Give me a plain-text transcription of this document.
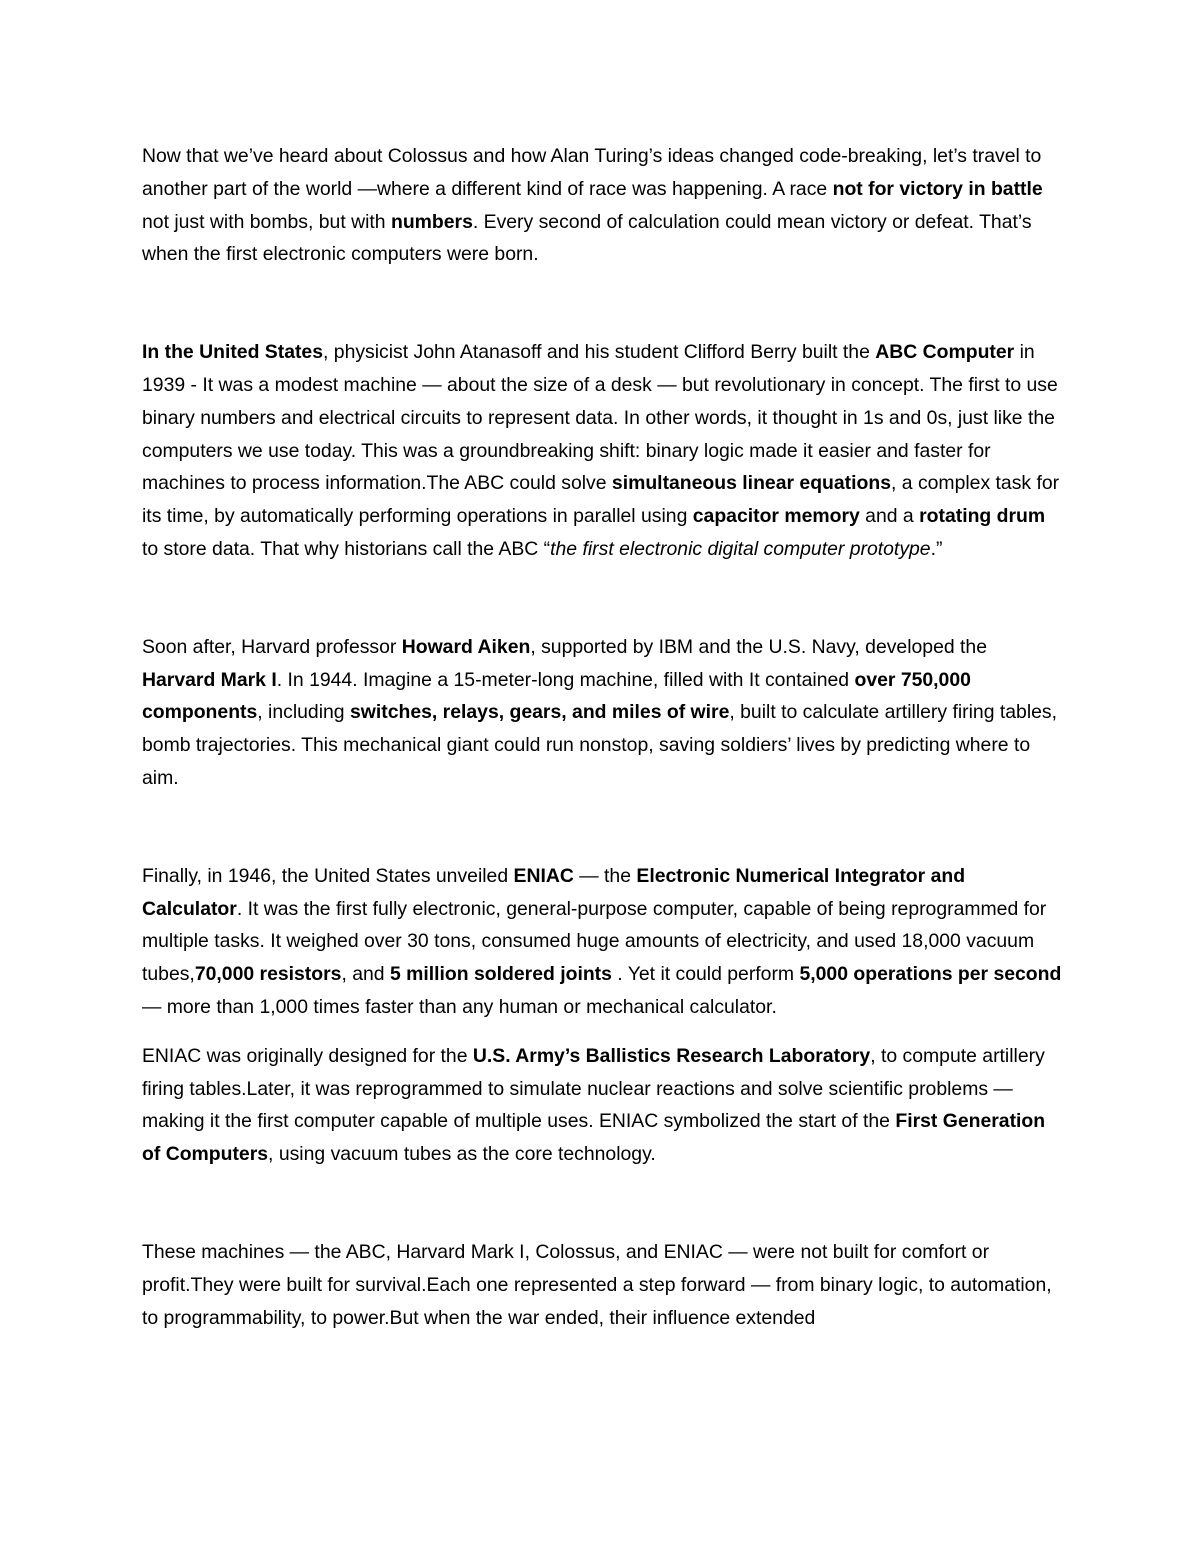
Now that we’ve heard about Colossus and how Alan Turing’s ideas changed code-breaking, let’s travel to another part of the world —where a different kind of race was happening. A race not for victory in battle not just with bombs, but with numbers. Every second of calculation could mean victory or defeat. That’s when the first electronic computers were born.

In the United States, physicist John Atanasoff and his student Clifford Berry built the ABC Computer in 1939 - It was a modest machine — about the size of a desk — but revolutionary in concept. The first to use binary numbers and electrical circuits to represent data. In other words, it thought in 1s and 0s, just like the computers we use today. This was a groundbreaking shift: binary logic made it easier and faster for machines to process information.The ABC could solve simultaneous linear equations, a complex task for its time, by automatically performing operations in parallel using capacitor memory and a rotating drum to store data. That why historians call the ABC “the first electronic digital computer prototype.”

Soon after, Harvard professor Howard Aiken, supported by IBM and the U.S. Navy, developed the Harvard Mark I. In 1944. Imagine a 15-meter-long machine, filled with It contained over 750,000 components, including switches, relays, gears, and miles of wire, built to calculate artillery firing tables, bomb trajectories. This mechanical giant could run nonstop, saving soldiers’ lives by predicting where to aim.

Finally, in 1946, the United States unveiled ENIAC — the Electronic Numerical Integrator and Calculator. It was the first fully electronic, general-purpose computer, capable of being reprogrammed for multiple tasks. It weighed over 30 tons, consumed huge amounts of electricity, and used 18,000 vacuum tubes,70,000 resistors, and 5 million soldered joints . Yet it could perform 5,000 operations per second — more than 1,000 times faster than any human or mechanical calculator.

ENIAC was originally designed for the U.S. Army’s Ballistics Research Laboratory, to compute artillery firing tables.Later, it was reprogrammed to simulate nuclear reactions and solve scientific problems — making it the first computer capable of multiple uses. ENIAC symbolized the start of the First Generation of Computers, using vacuum tubes as the core technology.

These machines — the ABC, Harvard Mark I, Colossus, and ENIAC — were not built for comfort or profit.They were built for survival.Each one represented a step forward — from binary logic, to automation, to programmability, to power.But when the war ended, their influence extended
